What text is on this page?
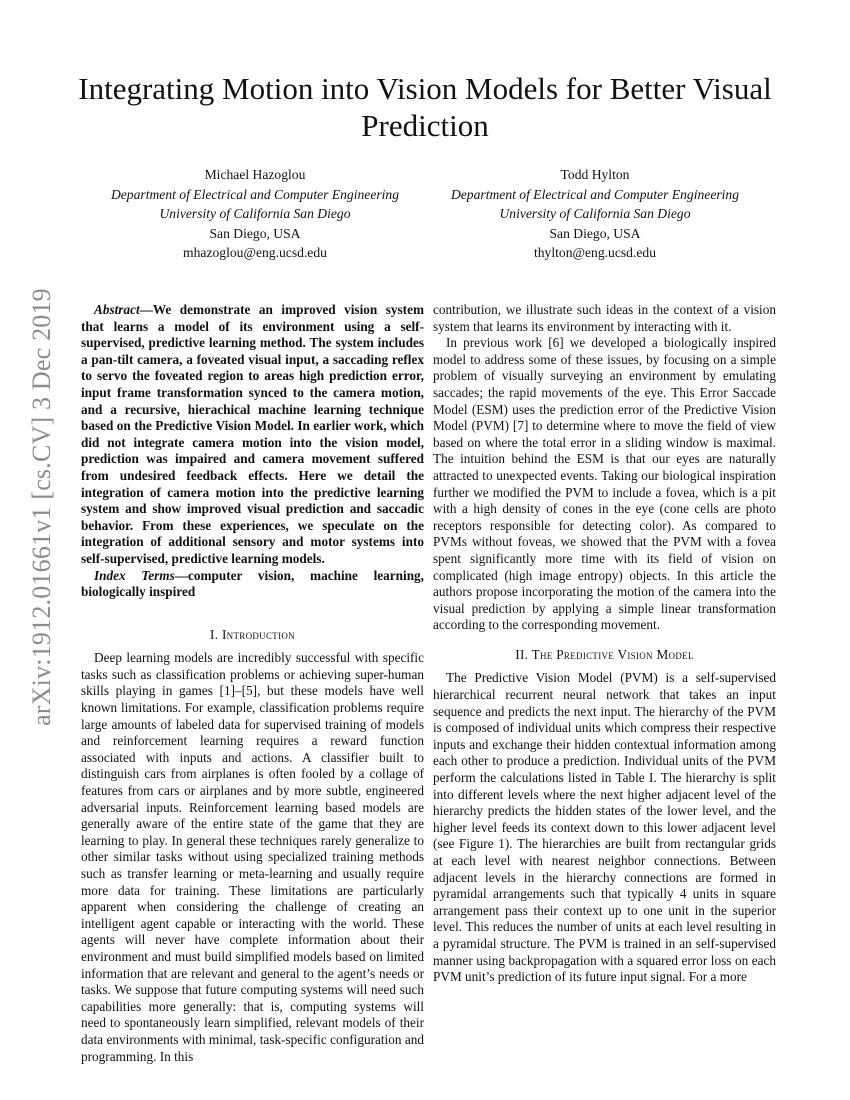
arXiv:1912.01661v1 [cs.CV] 3 Dec 2019
Integrating Motion into Vision Models for Better Visual Prediction
Michael Hazoglou
Department of Electrical and Computer Engineering
University of California San Diego
San Diego, USA
mhazoglou@eng.ucsd.edu
Todd Hylton
Department of Electrical and Computer Engineering
University of California San Diego
San Diego, USA
thylton@eng.ucsd.edu

Abstract—We demonstrate an improved vision system that learns a model of its environment using a self-supervised, predictive learning method. The system includes a pan-tilt camera, a foveated visual input, a saccading reflex to servo the foveated region to areas high prediction error, input frame transformation synced to the camera motion, and a recursive, hierachical machine learning technique based on the Predictive Vision Model. In earlier work, which did not integrate camera motion into the vision model, prediction was impaired and camera movement suffered from undesired feedback effects. Here we detail the integration of camera motion into the predictive learning system and show improved visual prediction and saccadic behavior. From these experiences, we speculate on the integration of additional sensory and motor systems into self-supervised, predictive learning models.

Index Terms—computer vision, machine learning, biologically inspired

I. Introduction

Deep learning models are incredibly successful with specific tasks such as classification problems or achieving super-human skills playing in games [1]–[5], but these models have well known limitations. For example, classification problems require large amounts of labeled data for supervised training of models and reinforcement learning requires a reward function associated with inputs and actions. A classifier built to distinguish cars from airplanes is often fooled by a collage of features from cars or airplanes and by more subtle, engineered adversarial inputs. Reinforcement learning based models are generally aware of the entire state of the game that they are learning to play. In general these techniques rarely generalize to other similar tasks without using specialized training methods such as transfer learning or meta-learning and usually require more data for training. These limitations are particularly apparent when considering the challenge of creating an intelligent agent capable or interacting with the world. These agents will never have complete information about their environment and must build simplified models based on limited information that are relevant and general to the agent’s needs or tasks. We suppose that future computing systems will need such capabilities more generally: that is, computing systems will need to spontaneously learn simplified, relevant models of their data environments with minimal, task-specific configuration and programming. In this

contribution, we illustrate such ideas in the context of a vision system that learns its environment by interacting with it.

In previous work [6] we developed a biologically inspired model to address some of these issues, by focusing on a simple problem of visually surveying an environment by emulating saccades; the rapid movements of the eye. This Error Saccade Model (ESM) uses the prediction error of the Predictive Vision Model (PVM) [7] to determine where to move the field of view based on where the total error in a sliding window is maximal. The intuition behind the ESM is that our eyes are naturally attracted to unexpected events. Taking our biological inspiration further we modified the PVM to include a fovea, which is a pit with a high density of cones in the eye (cone cells are photo receptors responsible for detecting color). As compared to PVMs without foveas, we showed that the PVM with a fovea spent significantly more time with its field of vision on complicated (high image entropy) objects. In this article the authors propose incorporating the motion of the camera into the visual prediction by applying a simple linear transformation according to the corresponding movement.

II. The Predictive Vision Model

The Predictive Vision Model (PVM) is a self-supervised hierarchical recurrent neural network that takes an input sequence and predicts the next input. The hierarchy of the PVM is composed of individual units which compress their respective inputs and exchange their hidden contextual information among each other to produce a prediction. Individual units of the PVM perform the calculations listed in Table I. The hierarchy is split into different levels where the next higher adjacent level of the hierarchy predicts the hidden states of the lower level, and the higher level feeds its context down to this lower adjacent level (see Figure 1). The hierarchies are built from rectangular grids at each level with nearest neighbor connections. Between adjacent levels in the hierarchy connections are formed in pyramidal arrangements such that typically 4 units in square arrangement pass their context up to one unit in the superior level. This reduces the number of units at each level resulting in a pyramidal structure. The PVM is trained in an self-supervised manner using backpropagation with a squared error loss on each PVM unit’s prediction of its future input signal. For a more
